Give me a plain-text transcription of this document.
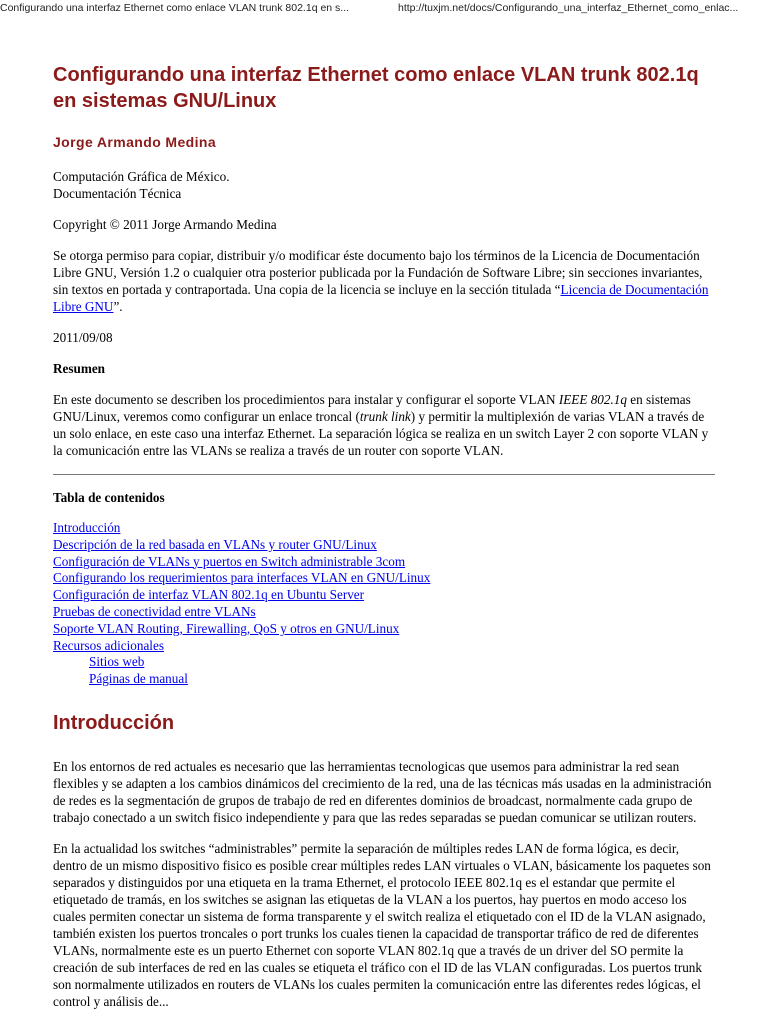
Configurando una interfaz Ethernet como enlace VLAN trunk 802.1q en s...	http://tuxjm.net/docs/Configurando_una_interfaz_Ethernet_como_enlac...
Configurando una interfaz Ethernet como enlace VLAN trunk 802.1q en sistemas GNU/Linux
Jorge Armando Medina
Computación Gráfica de México.
Documentación Técnica

Copyright © 2011 Jorge Armando Medina

Se otorga permiso para copiar, distribuir y/o modificar éste documento bajo los términos de la Licencia de Documentación Libre GNU, Versión 1.2 o cualquier otra posterior publicada por la Fundación de Software Libre; sin secciones invariantes, sin textos en portada y contraportada. Una copia de la licencia se incluye en la sección titulada “Licencia de Documentación Libre GNU”.

2011/09/08

Resumen

En este documento se describen los procedimientos para instalar y configurar el soporte VLAN IEEE 802.1q en sistemas GNU/Linux, veremos como configurar un enlace troncal (trunk link) y permitir la multiplexión de varias VLAN a través de un solo enlace, en este caso una interfaz Ethernet. La separación lógica se realiza en un switch Layer 2 con soporte VLAN y la comunicación entre las VLANs se realiza a través de un router con soporte VLAN.

Tabla de contenidos
Introducción
Descripción de la red basada en VLANs y router GNU/Linux
Configuración de VLANs y puertos en Switch administrable 3com
Configurando los requerimientos para interfaces VLAN en GNU/Linux
Configuración de interfaz VLAN 802.1q en Ubuntu Server
Pruebas de conectividad entre VLANs
Soporte VLAN Routing, Firewalling, QoS y otros en GNU/Linux
Recursos adicionales
Sitios web
Páginas de manual
Introducción

En los entornos de red actuales es necesario que las herramientas tecnologicas que usemos para administrar la red sean flexibles y se adapten a los cambios dinámicos del crecimiento de la red, una de las técnicas más usadas en la administración de redes es la segmentación de grupos de trabajo de red en diferentes dominios de broadcast, normalmente cada grupo de trabajo conectado a un switch fisico independiente y para que las redes separadas se puedan comunicar se utilizan routers.

En la actualidad los switches “administrables” permite la separación de múltiples redes LAN de forma lógica, es decir, dentro de un mismo dispositivo fisico es posible crear múltiples redes LAN virtuales o VLAN, básicamente los paquetes son separados y distinguidos por una etiqueta en la trama Ethernet, el protocolo IEEE 802.1q es el estandar que permite el etiquetado de tramás, en los switches se asignan las etiquetas de la VLAN a los puertos, hay puertos en modo acceso los cuales permiten conectar un sistema de forma transparente y el switch realiza el etiquetado con el ID de la VLAN asignado, también existen los puertos troncales o port trunks los cuales tienen la capacidad de transportar tráfico de red de diferentes VLANs, normalmente este es un puerto Ethernet con soporte VLAN 802.1q que a través de un driver del SO permite la creación de sub interfaces de red en las cuales se etiqueta el tráfico con el ID de las VLAN configuradas. Los puertos trunk son normalmente utilizados en routers de VLANs los cuales permiten la comunicación entre las diferentes redes lógicas, el control y análisis de...
